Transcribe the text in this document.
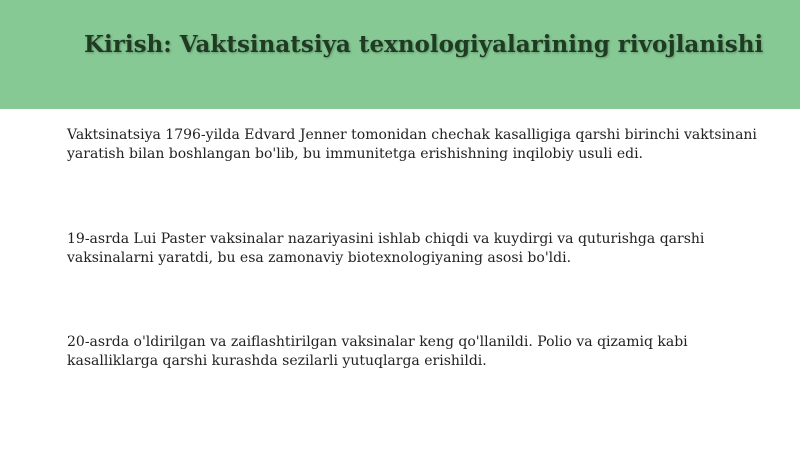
Kirish: Vaktsinatsiya texnologiyalarining rivojlanishi

Vaktsinatsiya 1796-yilda Edvard Jenner tomonidan chechak kasalligiga qarshi birinchi vaktsinani yaratish bilan boshlangan bo'lib, bu immunitetga erishishning inqilobiy usuli edi.

19-asrda Lui Paster vaksinalar nazariyasini ishlab chiqdi va kuydirgi va quturishga qarshi vaksinalarni yaratdi, bu esa zamonaviy biotexnologiyaning asosi bo'ldi.

20-asrda o'ldirilgan va zaiflashtirilgan vaksinalar keng qo'llanildi. Polio va qizamiq kabi kasalliklarga qarshi kurashda sezilarli yutuqlarga erishildi.
